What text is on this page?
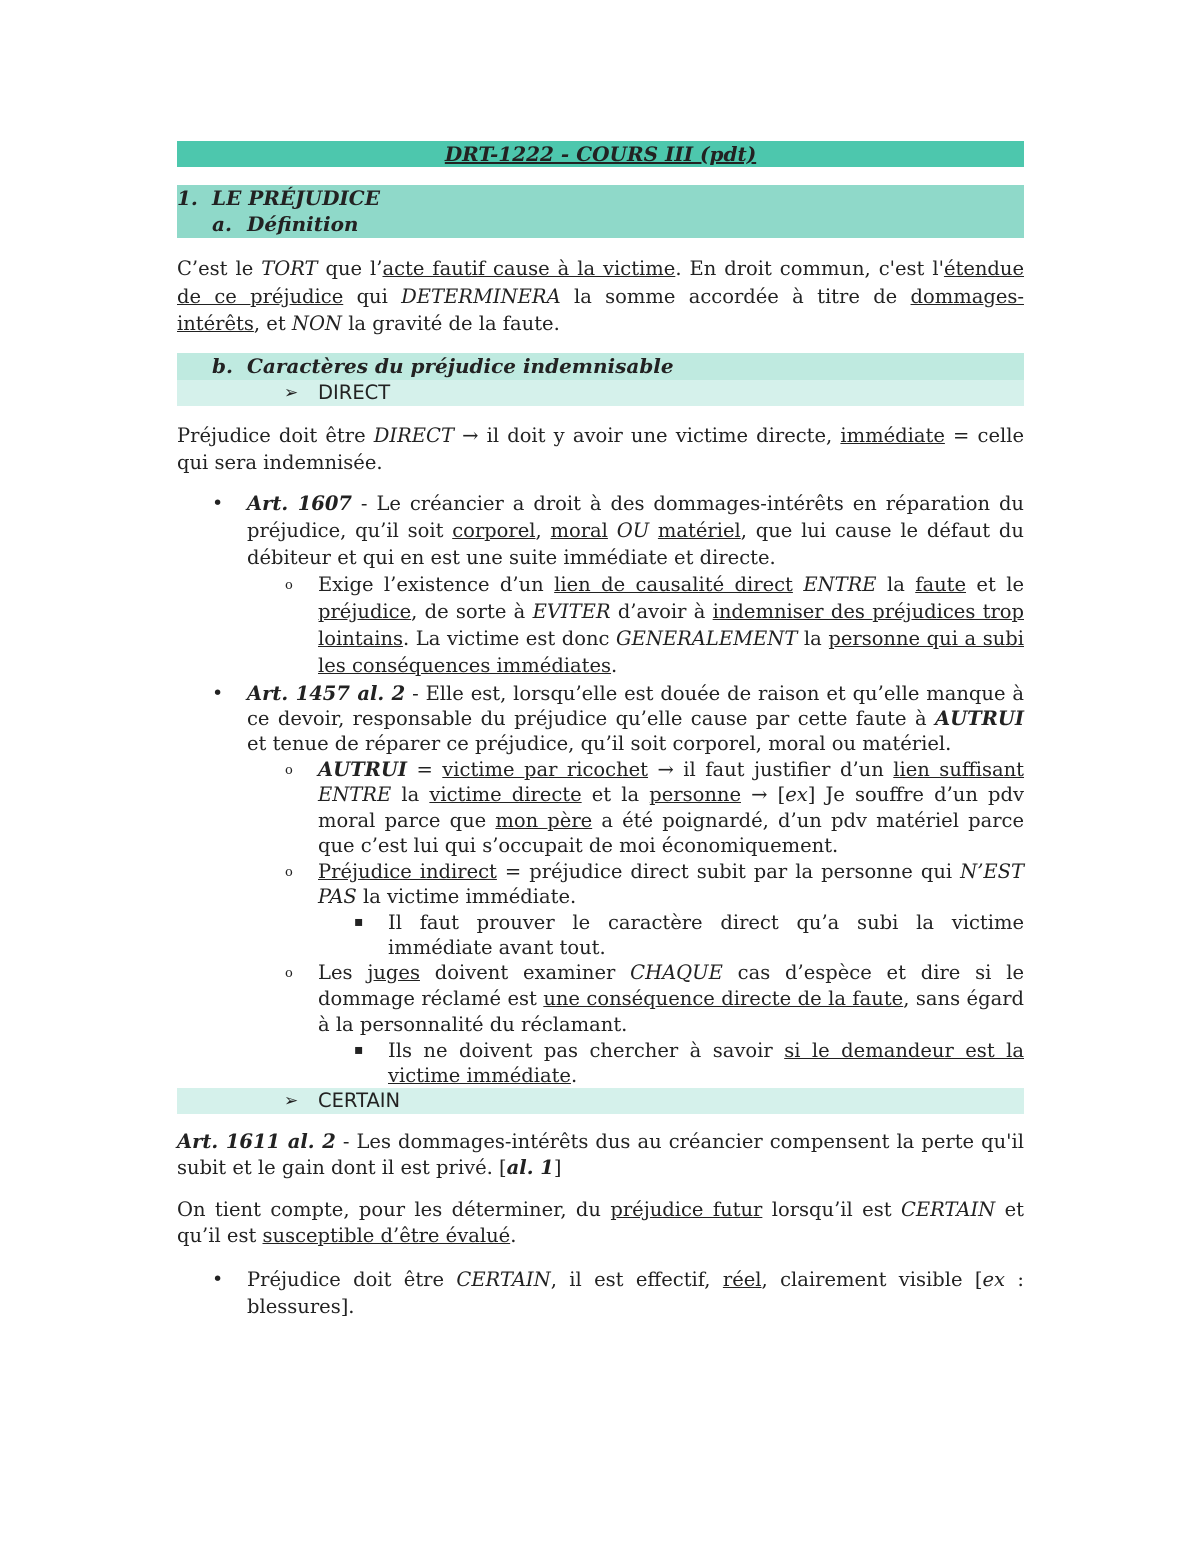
DRT-1222 - COURS III (pdt)
1. LE PRÉJUDICE
a. Définition

C’est le TORT que l’acte fautif cause à la victime. En droit commun, c'est l'étendue de ce préjudice qui DETERMINERA la somme accordée à titre de dommages-intérêts, et NON la gravité de la faute.

b. Caractères du préjudice indemnisable
➢ DIRECT

Préjudice doit être DIRECT → il doit y avoir une victime directe, immédiate = celle qui sera indemnisée.

• Art. 1607 - Le créancier a droit à des dommages-intérêts en réparation du préjudice, qu’il soit corporel, moral OU matériel, que lui cause le défaut du débiteur et qui en est une suite immédiate et directe.

o Exige l’existence d’un lien de causalité direct ENTRE la faute et le préjudice, de sorte à EVITER d’avoir à indemniser des préjudices trop lointains. La victime est donc GENERALEMENT la personne qui a subi les conséquences immédiates.

• Art. 1457 al. 2 - Elle est, lorsqu’elle est douée de raison et qu’elle manque à ce devoir, responsable du préjudice qu’elle cause par cette faute à AUTRUI et tenue de réparer ce préjudice, qu’il soit corporel, moral ou matériel.

o AUTRUI = victime par ricochet → il faut justifier d’un lien suffisant ENTRE la victime directe et la personne → [ex] Je souffre d’un pdv moral parce que mon père a été poignardé, d’un pdv matériel parce que c’est lui qui s’occupait de moi économiquement.

o Préjudice indirect = préjudice direct subit par la personne qui N’EST PAS la victime immédiate.

▪ Il faut prouver le caractère direct qu’a subi la victime immédiate avant tout.

o Les juges doivent examiner CHAQUE cas d’espèce et dire si le dommage réclamé est une conséquence directe de la faute, sans égard à la personnalité du réclamant.

▪ Ils ne doivent pas chercher à savoir si le demandeur est la victime immédiate.

➢ CERTAIN

Art. 1611 al. 2 - Les dommages-intérêts dus au créancier compensent la perte qu'il subit et le gain dont il est privé. [al. 1]

On tient compte, pour les déterminer, du préjudice futur lorsqu’il est CERTAIN et qu’il est susceptible d’être évalué.

• Préjudice doit être CERTAIN, il est effectif, réel, clairement visible [ex : blessures].
